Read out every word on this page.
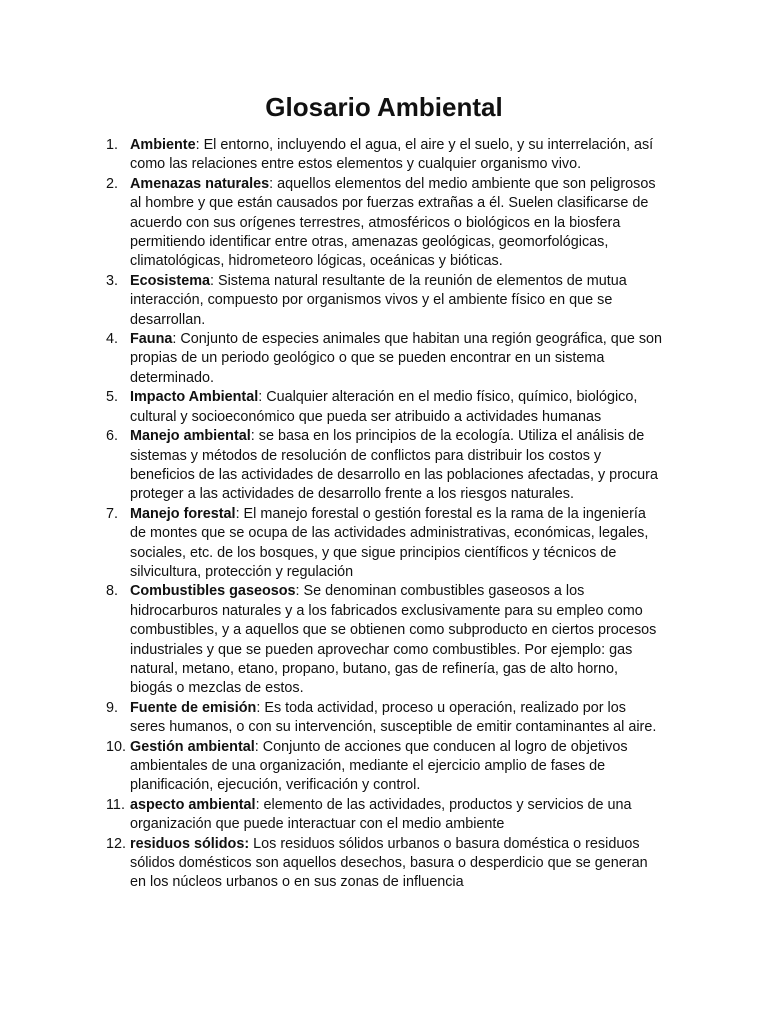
Glosario Ambiental
1. Ambiente: El entorno, incluyendo el agua, el aire y el suelo, y su interrelación, así como las relaciones entre estos elementos y cualquier organismo vivo.
2. Amenazas naturales: aquellos elementos del medio ambiente que son peligrosos al hombre y que están causados por fuerzas extrañas a él. Suelen clasificarse de acuerdo con sus orígenes terrestres, atmosféricos o biológicos en la biosfera permitiendo identificar entre otras, amenazas geológicas, geomorfológicas, climatológicas, hidrometeoro lógicas, oceánicas y bióticas.
3. Ecosistema: Sistema natural resultante de la reunión de elementos de mutua interacción, compuesto por organismos vivos y el ambiente físico en que se desarrollan.
4. Fauna: Conjunto de especies animales que habitan una región geográfica, que son propias de un periodo geológico o que se pueden encontrar en un sistema determinado.
5. Impacto Ambiental: Cualquier alteración en el medio físico, químico, biológico, cultural y socioeconómico que pueda ser atribuido a actividades humanas
6. Manejo ambiental: se basa en los principios de la ecología. Utiliza el análisis de sistemas y métodos de resolución de conflictos para distribuir los costos y beneficios de las actividades de desarrollo en las poblaciones afectadas, y procura proteger a las actividades de desarrollo frente a los riesgos naturales.
7. Manejo forestal: El manejo forestal o gestión forestal es la rama de la ingeniería de montes que se ocupa de las actividades administrativas, económicas, legales, sociales, etc. de los bosques, y que sigue principios científicos y técnicos de silvicultura, protección y regulación
8. Combustibles gaseosos: Se denominan combustibles gaseosos a los hidrocarburos naturales y a los fabricados exclusivamente para su empleo como combustibles, y a aquellos que se obtienen como subproducto en ciertos procesos industriales y que se pueden aprovechar como combustibles. Por ejemplo: gas natural, metano, etano, propano, butano, gas de refinería, gas de alto horno, biogás o mezclas de estos.
9. Fuente de emisión: Es toda actividad, proceso u operación, realizado por los seres humanos, o con su intervención, susceptible de emitir contaminantes al aire.
10. Gestión ambiental: Conjunto de acciones que conducen al logro de objetivos ambientales de una organización, mediante el ejercicio amplio de fases de planificación, ejecución, verificación y control.
11. aspecto ambiental: elemento de las actividades, productos y servicios de una organización que puede interactuar con el medio ambiente
12. residuos sólidos: Los residuos sólidos urbanos o basura doméstica o residuos sólidos domésticos son aquellos desechos, basura o desperdicio que se generan en los núcleos urbanos o en sus zonas de influencia
